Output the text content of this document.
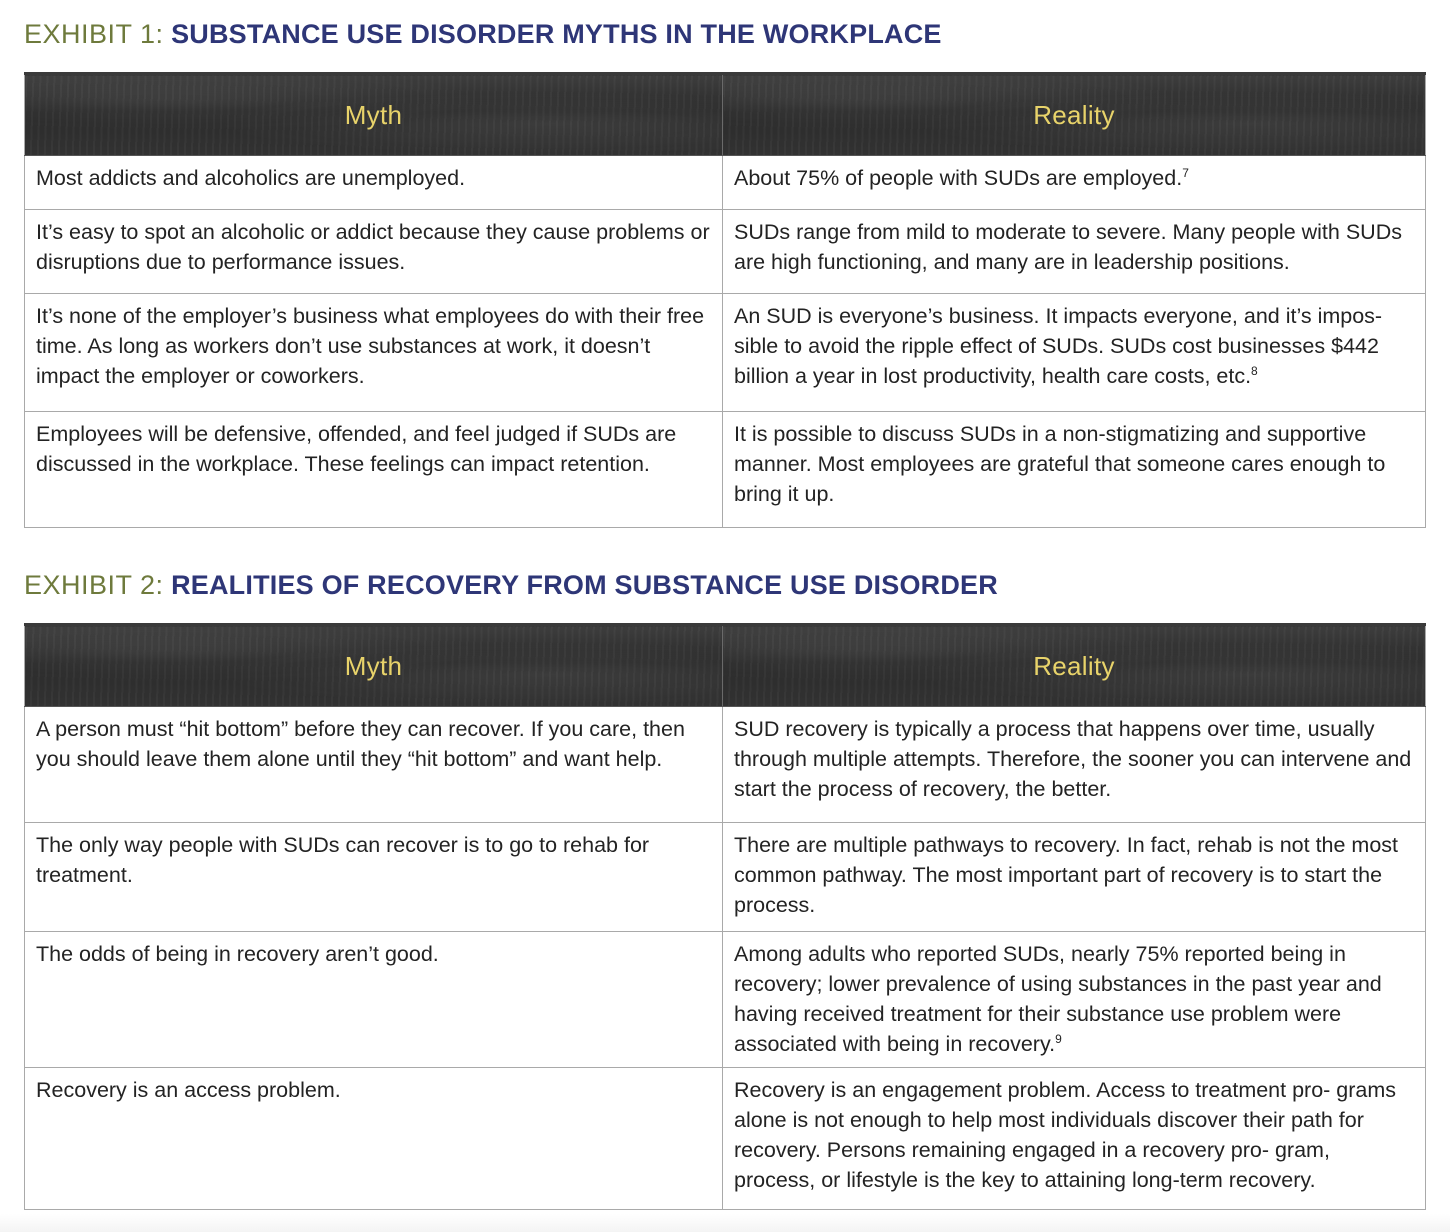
EXHIBIT 1: SUBSTANCE USE DISORDER MYTHS IN THE WORKPLACE
Myth	Reality
Most addicts and alcoholics are unemployed.	About 75% of people with SUDs are employed.$^7$
It’s easy to spot an alcoholic or addict because they cause problems or disruptions due to performance issues.	SUDs range from mild to moderate to severe. Many people with SUDs are high functioning, and many are in leadership positions.
It’s none of the employer’s business what employees do with their free time. As long as workers don’t use substances at work, it doesn’t impact the employer or coworkers.	An SUD is everyone’s business. It impacts everyone, and it’s impos- sible to avoid the ripple effect of SUDs. SUDs cost businesses $442 billion a year in lost productivity, health care costs, etc.$^8$
Employees will be defensive, offended, and feel judged if SUDs are discussed in the workplace. These feelings can impact retention.	It is possible to discuss SUDs in a non-stigmatizing and supportive manner. Most employees are grateful that someone cares enough to bring it up.
EXHIBIT 2: REALITIES OF RECOVERY FROM SUBSTANCE USE DISORDER
Myth	Reality
A person must “hit bottom” before they can recover. If you care, then you should leave them alone until they “hit bottom” and want help.	SUD recovery is typically a process that happens over time, usually through multiple attempts. Therefore, the sooner you can intervene and start the process of recovery, the better.
The only way people with SUDs can recover is to go to rehab for treatment.	There are multiple pathways to recovery. In fact, rehab is not the most common pathway. The most important part of recovery is to start the process.
The odds of being in recovery aren’t good.	Among adults who reported SUDs, nearly 75% reported being in recovery; lower prevalence of using substances in the past year and having received treatment for their substance use problem were associated with being in recovery.$^9$
Recovery is an access problem.	Recovery is an engagement problem. Access to treatment pro- grams alone is not enough to help most individuals discover their path for recovery. Persons remaining engaged in a recovery pro- gram, process, or lifestyle is the key to attaining long-term recovery.
